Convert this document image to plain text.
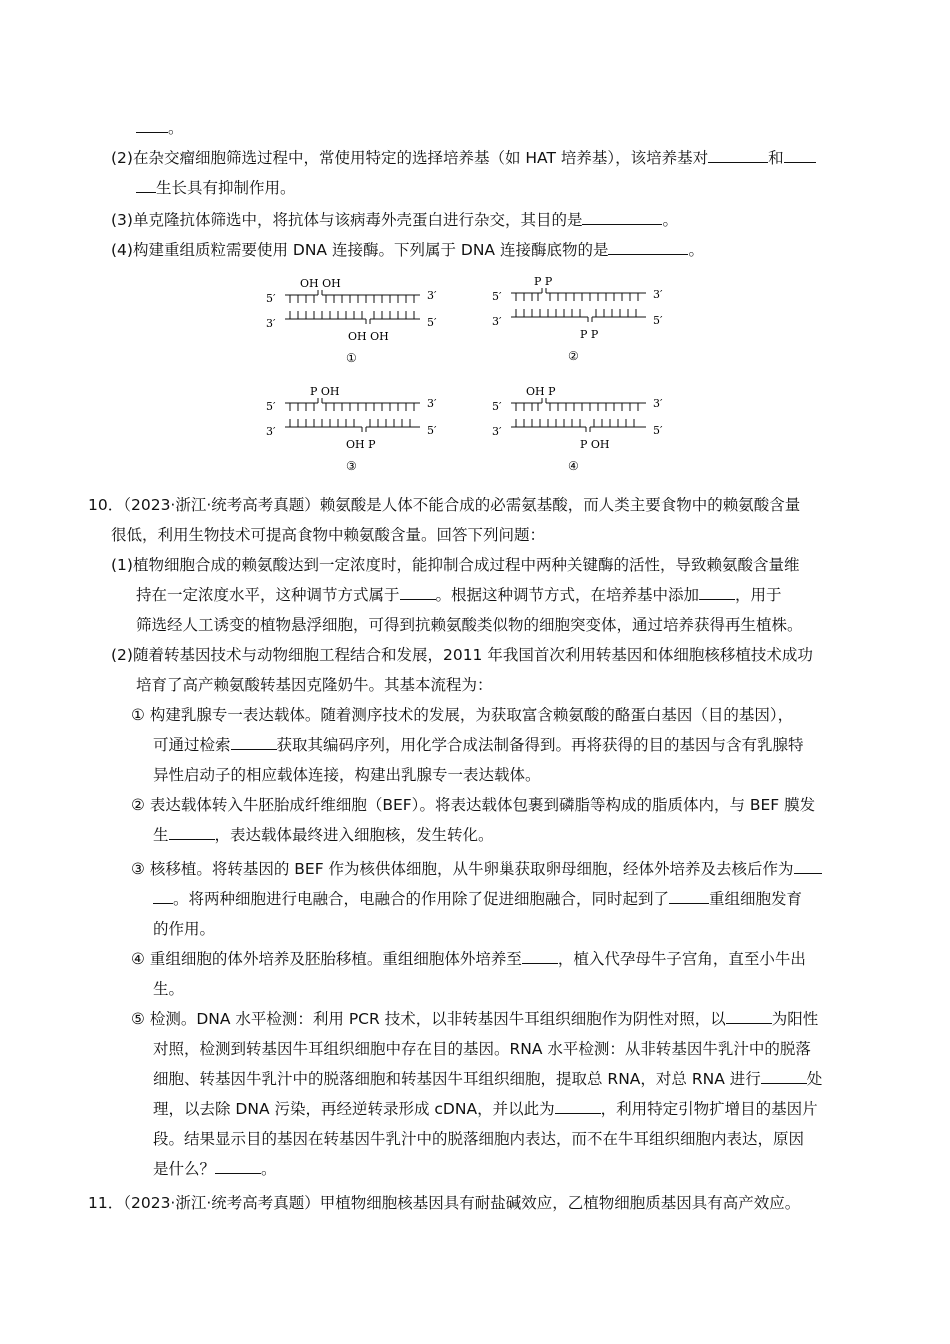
。
(2)在杂交瘤细胞筛选过程中，常使用特定的选择培养基（如 HAT 培养基），该培养基对	和
生长具有抑制作用。
(3)单克隆抗体筛选中，将抗体与该病毒外壳蛋白进行杂交，其目的是	。
(4)构建重组质粒需要使用 DNA 连接酶。下列属于 DNA 连接酶底物的是	。
5′
3′
3′
5′
OH OH
OH OH
①
5′
3′
3′
5′
P P
P P
②
5′
3′
3′
5′
P OH
OH P
③
5′
3′
3′
5′
OH P
P OH
④
10．（2023·浙江·统考高考真题）赖氨酸是人体不能合成的必需氨基酸，而人类主要食物中的赖氨酸含量
很低，利用生物技术可提高食物中赖氨酸含量。回答下列问题：
(1)植物细胞合成的赖氨酸达到一定浓度时，能抑制合成过程中两种关键酶的活性，导致赖氨酸含量维
持在一定浓度水平，这种调节方式属于 。根据这种调节方式，在培养基中添加 ，用于
筛选经人工诱变的植物悬浮细胞，可得到抗赖氨酸类似物的细胞突变体，通过培养获得再生植株。
(2)随着转基因技术与动物细胞工程结合和发展，2011 年我国首次利用转基因和体细胞核移植技术成功
培育了高产赖氨酸转基因克隆奶牛。其基本流程为：
① 构建乳腺专一表达载体。随着测序技术的发展，为获取富含赖氨酸的酪蛋白基因（目的基因），
可通过检索	获取其编码序列，用化学合成法制备得到。再将获得的目的基因与含有乳腺特
异性启动子的相应载体连接，构建出乳腺专一表达载体。
② 表达载体转入牛胚胎成纤维细胞（BEF）。将表达载体包裹到磷脂等构成的脂质体内，与 BEF 膜发
生	，表达载体最终进入细胞核，发生转化。
③ 核移植。将转基因的 BEF 作为核供体细胞，从牛卵巢获取卵母细胞，经体外培养及去核后作为
。将两种细胞进行电融合，电融合的作用除了促进细胞融合，同时起到了	重组细胞发育
的作用。
④ 重组细胞的体外培养及胚胎移植。重组细胞体外培养至 ，植入代孕母牛子宫角，直至小牛出
生。
⑤ 检测。DNA 水平检测：利用 PCR 技术，以非转基因牛耳组织细胞作为阴性对照，以	为阳性
对照，检测到转基因牛耳组织细胞中存在目的基因。RNA 水平检测：从非转基因牛乳汁中的脱落
细胞、转基因牛乳汁中的脱落细胞和转基因牛耳组织细胞，提取总 RNA，对总 RNA 进行	处
理，以去除 DNA 污染，再经逆转录形成 cDNA，并以此为	，利用特定引物扩增目的基因片
段。结果显示目的基因在转基因牛乳汁中的脱落细胞内表达，而不在牛耳组织细胞内表达，原因
是什么？	。
11．（2023·浙江·统考高考真题）甲植物细胞核基因具有耐盐碱效应，乙植物细胞质基因具有高产效应。
